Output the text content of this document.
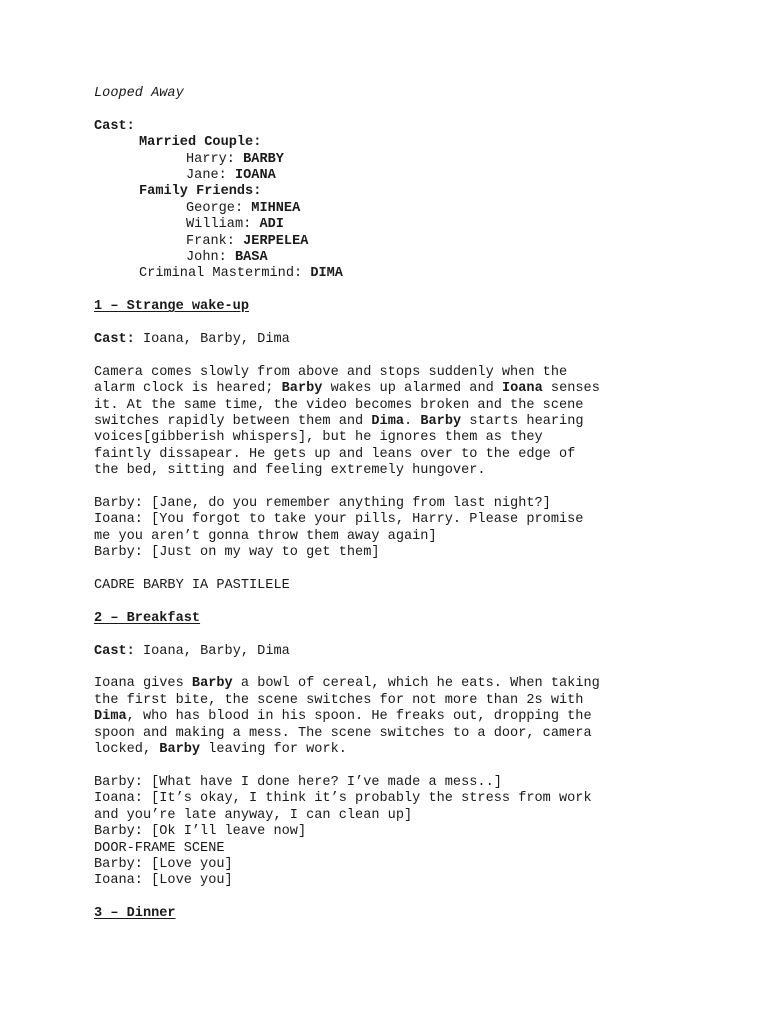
Looped Away
Cast:
Married Couple:
Harry: BARBY
Jane: IOANA
Family Friends:
George: MIHNEA
William: ADI
Frank: JERPELEA
John: BASA
Criminal Mastermind: DIMA
1 – Strange wake-up
Cast: Ioana, Barby, Dima
Camera comes slowly from above and stops suddenly when the
alarm clock is heared; Barby wakes up alarmed and Ioana senses
it. At the same time, the video becomes broken and the scene
switches rapidly between them and Dima. Barby starts hearing
voices[gibberish whispers], but he ignores them as they
faintly dissapear. He gets up and leans over to the edge of
the bed, sitting and feeling extremely hungover.
Barby: [Jane, do you remember anything from last night?]
Ioana: [You forgot to take your pills, Harry. Please promise
me you aren’t gonna throw them away again]
Barby: [Just on my way to get them]
CADRE BARBY IA PASTILELE
2 – Breakfast
Cast: Ioana, Barby, Dima
Ioana gives Barby a bowl of cereal, which he eats. When taking
the first bite, the scene switches for not more than 2s with
Dima, who has blood in his spoon. He freaks out, dropping the
spoon and making a mess. The scene switches to a door, camera
locked, Barby leaving for work.
Barby: [What have I done here? I’ve made a mess..]
Ioana: [It’s okay, I think it’s probably the stress from work
and you’re late anyway, I can clean up]
Barby: [Ok I’ll leave now]
DOOR-FRAME SCENE
Barby: [Love you]
Ioana: [Love you]
3 – Dinner
